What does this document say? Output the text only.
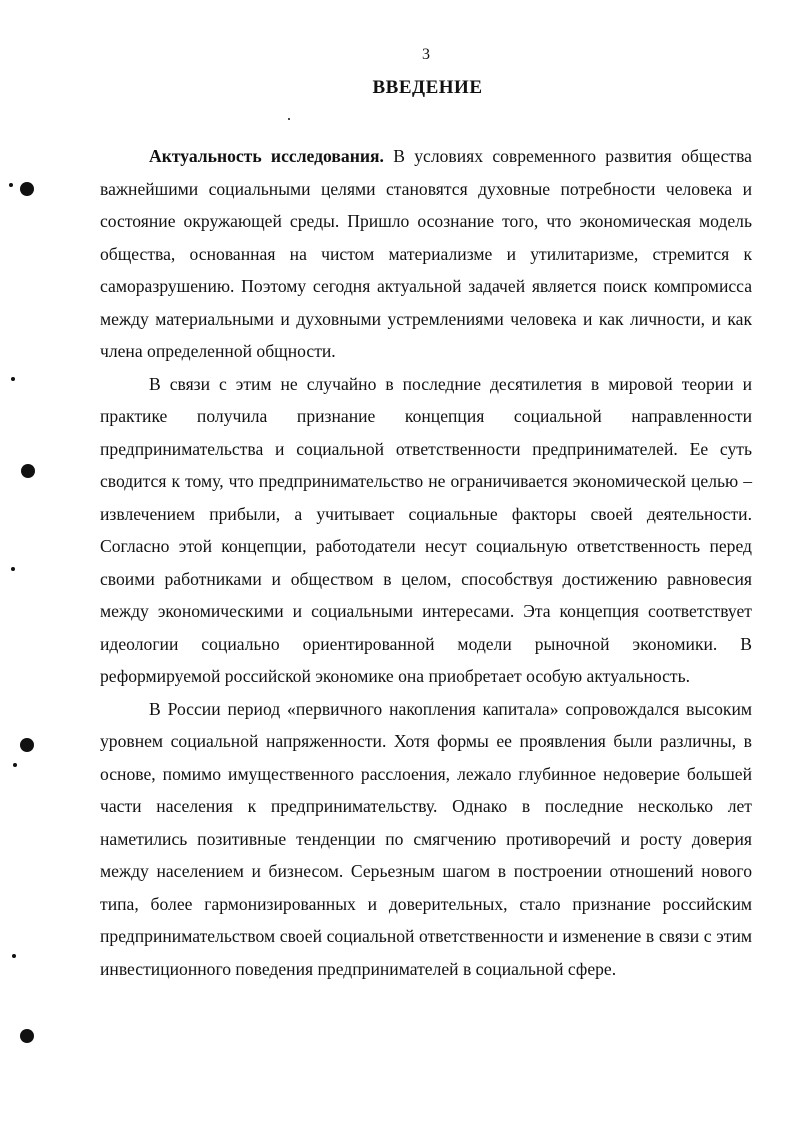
3
ВВЕДЕНИЕ

Актуальность исследования. В условиях современного развития общества важнейшими социальными целями становятся духовные потребности человека и состояние окружающей среды. Пришло осознание того, что экономическая модель общества, основанная на чистом материализме и утилитаризме, стремится к саморазрушению. Поэтому сегодня актуальной задачей является поиск компромисса между материальными и духовными устремлениями человека и как личности, и как члена определенной общности.

В связи с этим не случайно в последние десятилетия в мировой теории и практике получила признание концепция социальной направленности предпринимательства и социальной ответственности предпринимателей. Ее суть сводится к тому, что предпринимательство не ограничивается экономической целью – извлечением прибыли, а учитывает социальные факторы своей деятельности. Согласно этой концепции, работодатели несут социальную ответственность перед своими работниками и обществом в целом, способствуя достижению равновесия между экономическими и социальными интересами. Эта концепция соответствует идеологии социально ориентированной модели рыночной экономики. В реформируемой российской экономике она приобретает особую актуальность.

В России период «первичного накопления капитала» сопровождался высоким уровнем социальной напряженности. Хотя формы ее проявления были различны, в основе, помимо имущественного расслоения, лежало глубинное недоверие большей части населения к предпринимательству. Однако в последние несколько лет наметились позитивные тенденции по смягчению противоречий и росту доверия между населением и бизнесом. Серьезным шагом в построении отношений нового типа, более гармонизированных и доверительных, стало признание российским предпринимательством своей социальной ответственности и изменение в связи с этим инвестиционного поведения предпринимателей в социальной сфере.
